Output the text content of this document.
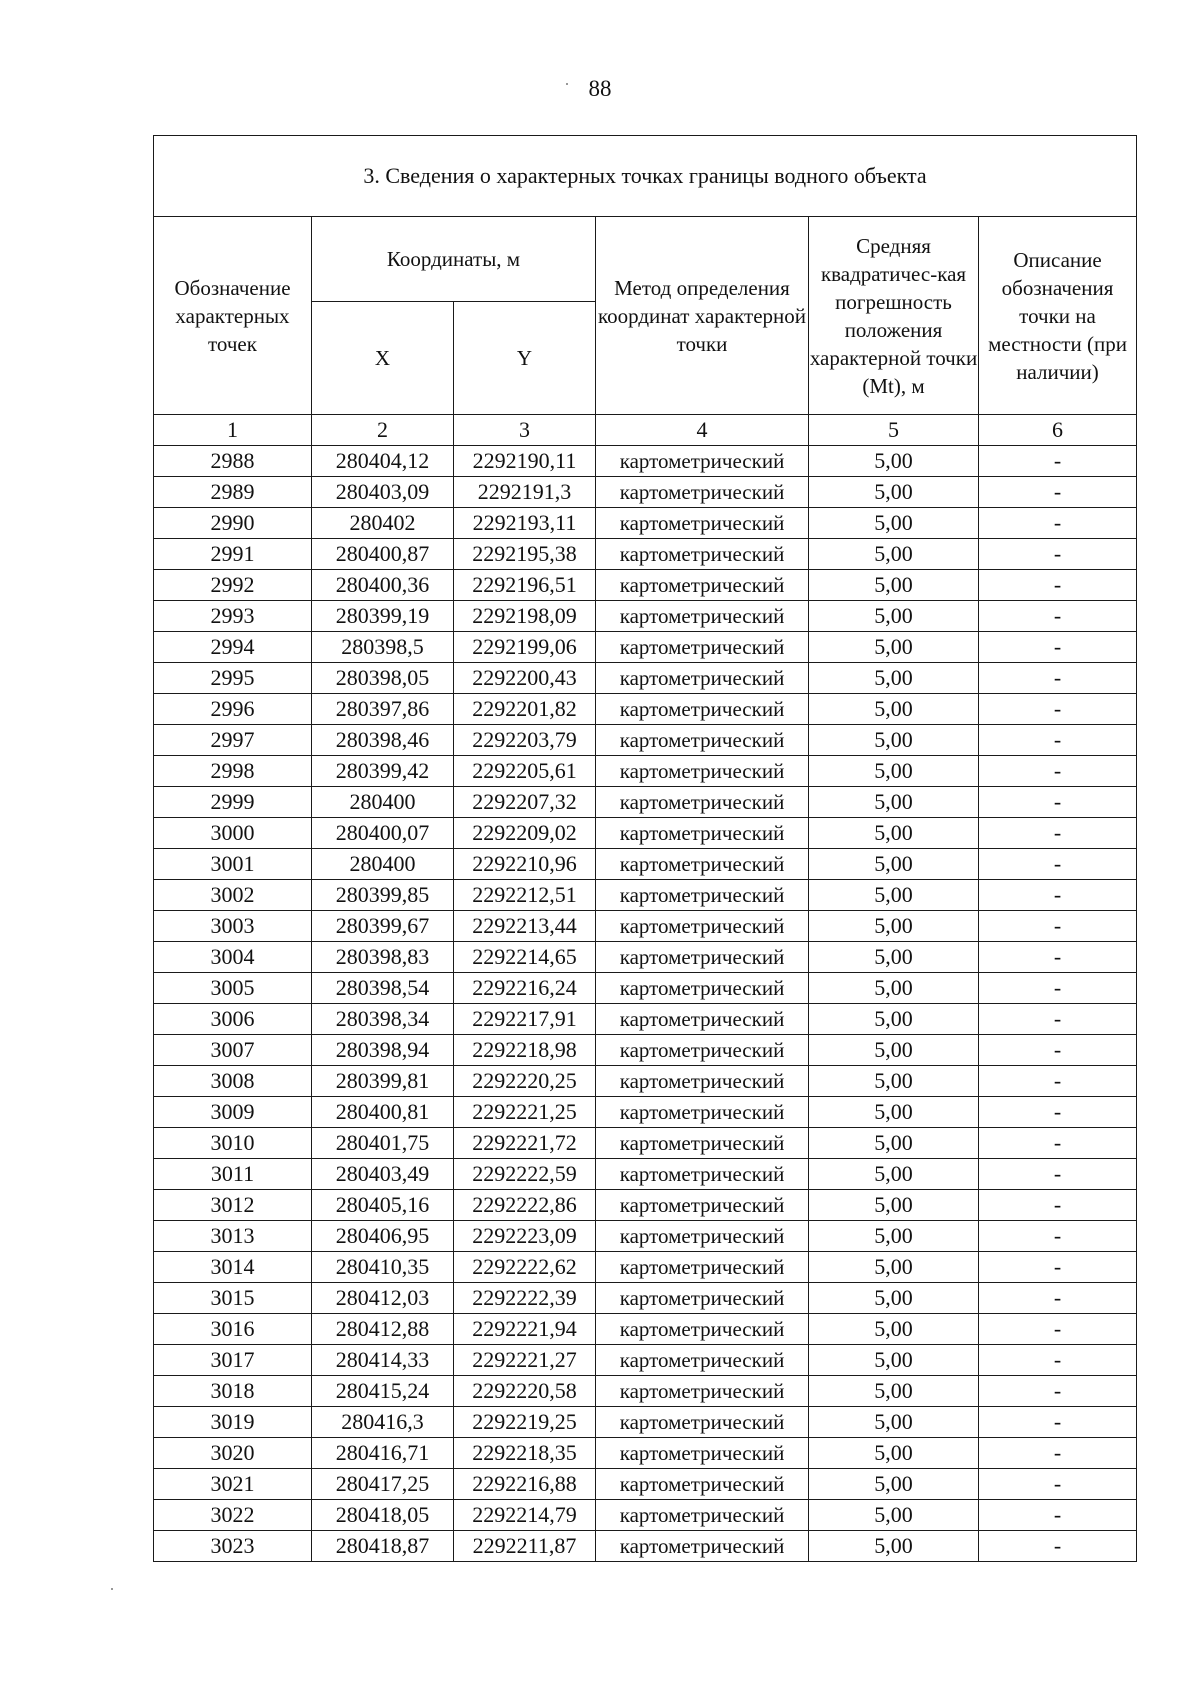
88
3. Сведения о характерных точках границы водного объекта					
Обозначение характерных точек	Координаты, м		Метод определения координат характерной точки	Средняя квадратичес-кая погрешность положения характерной точки (Mt), м	Описание обозначения точки на местности (при наличии)
	X	Y			
1	2	3	4	5	6
2988	280404,12	2292190,11	картометрический	5,00	-
2989	280403,09	2292191,3	картометрический	5,00	-
2990	280402	2292193,11	картометрический	5,00	-
2991	280400,87	2292195,38	картометрический	5,00	-
2992	280400,36	2292196,51	картометрический	5,00	-
2993	280399,19	2292198,09	картометрический	5,00	-
2994	280398,5	2292199,06	картометрический	5,00	-
2995	280398,05	2292200,43	картометрический	5,00	-
2996	280397,86	2292201,82	картометрический	5,00	-
2997	280398,46	2292203,79	картометрический	5,00	-
2998	280399,42	2292205,61	картометрический	5,00	-
2999	280400	2292207,32	картометрический	5,00	-
3000	280400,07	2292209,02	картометрический	5,00	-
3001	280400	2292210,96	картометрический	5,00	-
3002	280399,85	2292212,51	картометрический	5,00	-
3003	280399,67	2292213,44	картометрический	5,00	-
3004	280398,83	2292214,65	картометрический	5,00	-
3005	280398,54	2292216,24	картометрический	5,00	-
3006	280398,34	2292217,91	картометрический	5,00	-
3007	280398,94	2292218,98	картометрический	5,00	-
3008	280399,81	2292220,25	картометрический	5,00	-
3009	280400,81	2292221,25	картометрический	5,00	-
3010	280401,75	2292221,72	картометрический	5,00	-
3011	280403,49	2292222,59	картометрический	5,00	-
3012	280405,16	2292222,86	картометрический	5,00	-
3013	280406,95	2292223,09	картометрический	5,00	-
3014	280410,35	2292222,62	картометрический	5,00	-
3015	280412,03	2292222,39	картометрический	5,00	-
3016	280412,88	2292221,94	картометрический	5,00	-
3017	280414,33	2292221,27	картометрический	5,00	-
3018	280415,24	2292220,58	картометрический	5,00	-
3019	280416,3	2292219,25	картометрический	5,00	-
3020	280416,71	2292218,35	картометрический	5,00	-
3021	280417,25	2292216,88	картометрический	5,00	-
3022	280418,05	2292214,79	картометрический	5,00	-
3023	280418,87	2292211,87	картометрический	5,00	-
